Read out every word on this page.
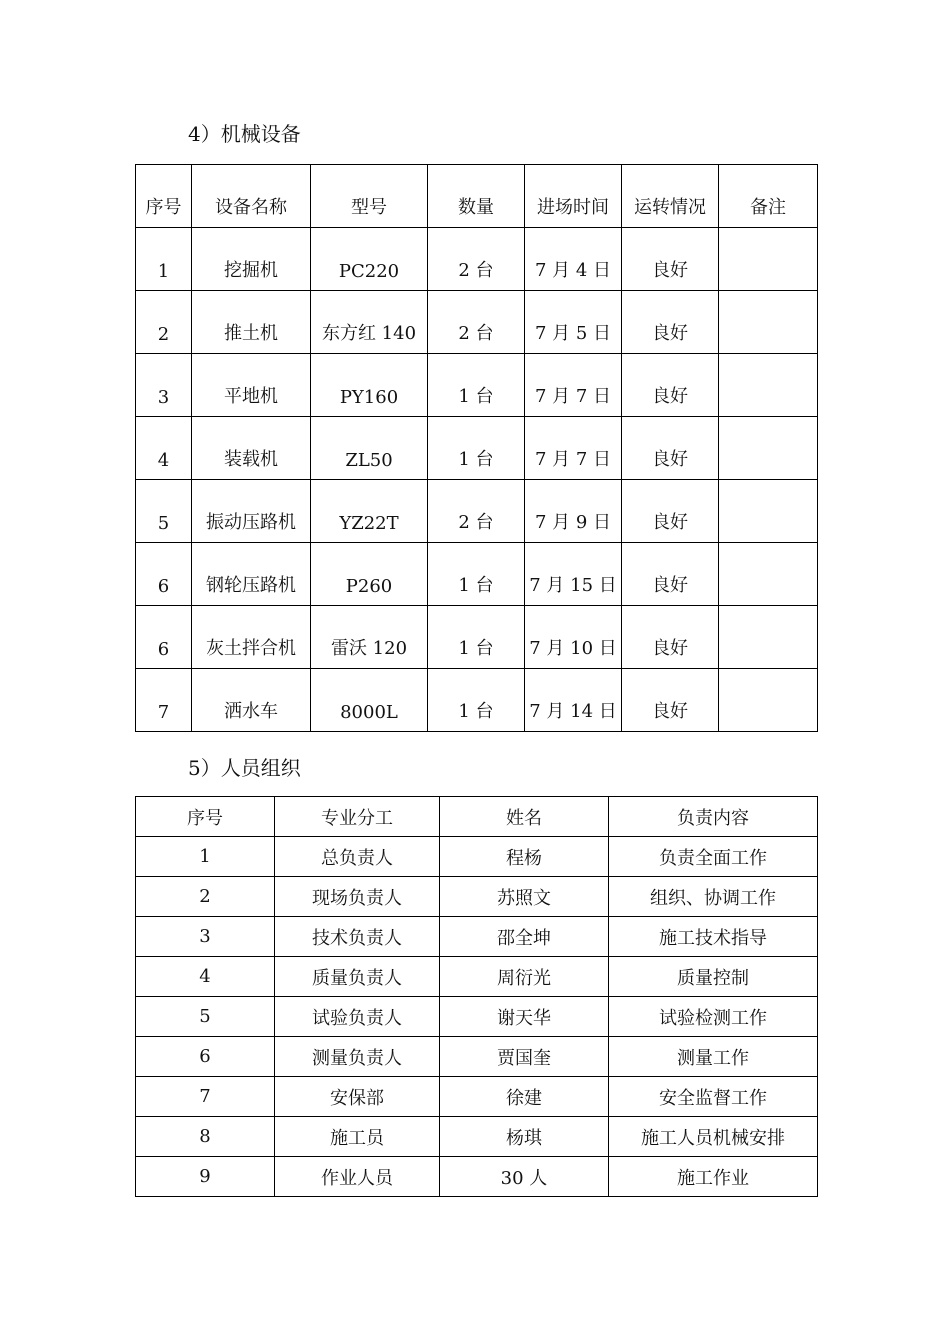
4）机械设备
序号	设备名称	型号	数量	进场时间	运转情况	备注
1	挖掘机	PC220	2 台	7 月 4 日	良好	
2	推土机	东方红 140	2 台	7 月 5 日	良好	
3	平地机	PY160	1 台	7 月 7 日	良好	
4	装载机	ZL50	1 台	7 月 7 日	良好	
5	振动压路机	YZ22T	2 台	7 月 9 日	良好	
6	钢轮压路机	P260	1 台	7 月 15 日	良好	
6	灰土拌合机	雷沃 120	1 台	7 月 10 日	良好	
7	洒水车	8000L	1 台	7 月 14 日	良好	
5）人员组织
序号	专业分工	姓名	负责内容
1	总负责人	程杨	负责全面工作
2	现场负责人	苏照文	组织、协调工作
3	技术负责人	邵全坤	施工技术指导
4	质量负责人	周衍光	质量控制
5	试验负责人	谢天华	试验检测工作
6	测量负责人	贾国奎	测量工作
7	安保部	徐建	安全监督工作
8	施工员	杨琪	施工人员机械安排
9	作业人员	30 人	施工作业
